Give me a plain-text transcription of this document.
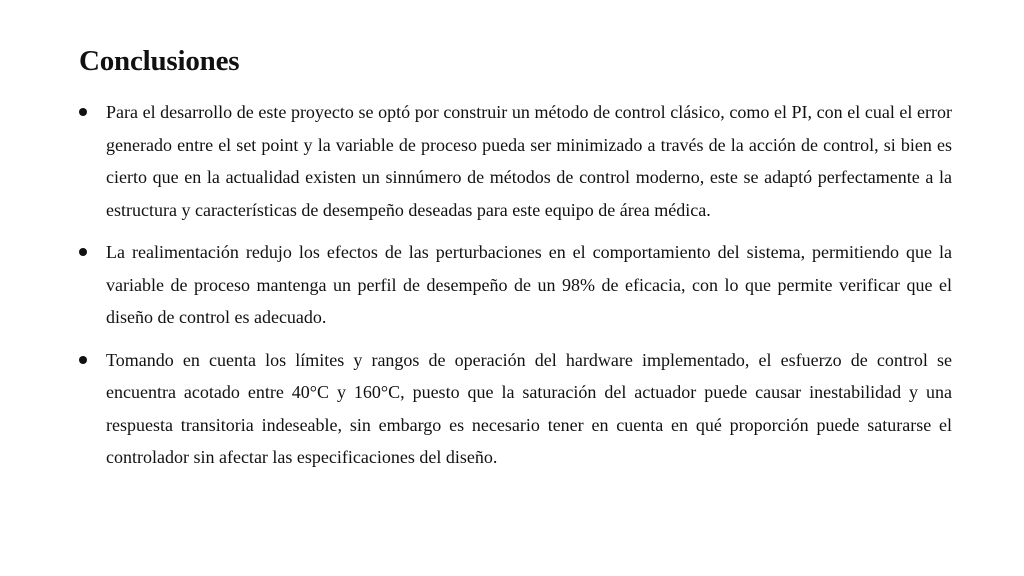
Conclusiones
Para el desarrollo de este proyecto se optó por construir un método de control clásico, como el PI, con el cual el error generado entre el set point y la variable de proceso pueda ser minimizado a través de la acción de control, si bien es cierto que en la actualidad existen un sinnúmero de métodos de control moderno, este se adaptó perfectamente a la estructura y características de desempeño deseadas para este equipo de área médica.
La realimentación redujo los efectos de las perturbaciones en el comportamiento del sistema, permitiendo que la variable de proceso mantenga un perfil de desempeño de un 98% de eficacia, con lo que permite verificar que el diseño de control es adecuado.
Tomando en cuenta los límites y rangos de operación del hardware implementado, el esfuerzo de control se encuentra acotado entre 40°C y 160°C, puesto que la saturación del actuador puede causar inestabilidad y una respuesta transitoria indeseable, sin embargo es necesario tener en cuenta en qué proporción puede saturarse el controlador sin afectar las especificaciones del diseño.
